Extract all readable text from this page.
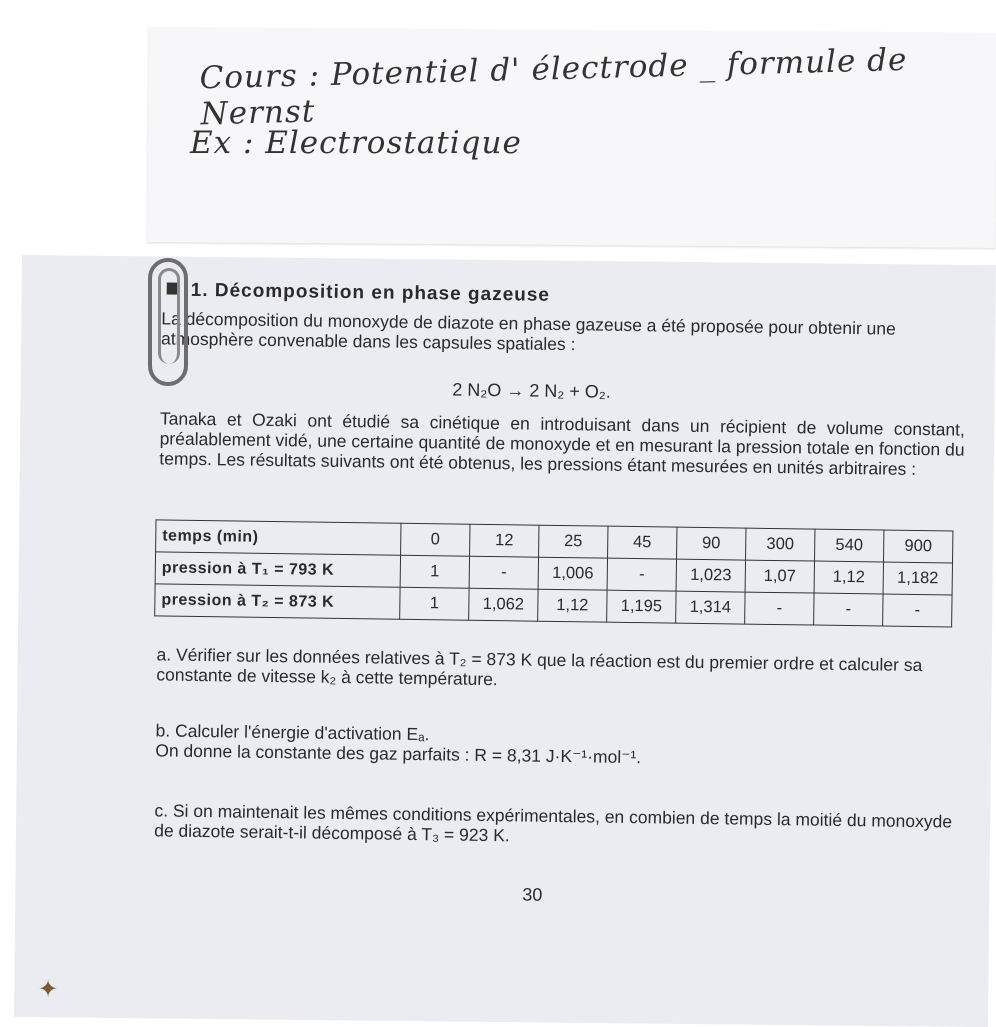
Cours : Potentiel d' électrode _ formule de Nernst
Ex : Electrostatique
1. Décomposition en phase gazeuse
La décomposition du monoxyde de diazote en phase gazeuse a été proposée pour obtenir une atmosphère convenable dans les capsules spatiales :
2 N₂O → 2 N₂ + O₂.
Tanaka et Ozaki ont étudié sa cinétique en introduisant dans un récipient de volume constant, préalablement vidé, une certaine quantité de monoxyde et en mesurant la pression totale en fonction du temps. Les résultats suivants ont été obtenus, les pressions étant mesurées en unités arbitraires :
temps (min)	0	12	25	45	90	300	540	900
pression à T₁ = 793 K	1	-	1,006	-	1,023	1,07	1,12	1,182
pression à T₂ = 873 K	1	1,062	1,12	1,195	1,314	-	-	-
a. Vérifier sur les données relatives à T₂ = 873 K que la réaction est du premier ordre et calculer sa constante de vitesse k₂ à cette température.
b. Calculer l'énergie d'activation Eₐ.
On donne la constante des gaz parfaits : R = 8,31 J·K⁻¹·mol⁻¹.
c. Si on maintenait les mêmes conditions expérimentales, en combien de temps la moitié du monoxyde de diazote serait-t-il décomposé à T₃ = 923 K.
30
✦
